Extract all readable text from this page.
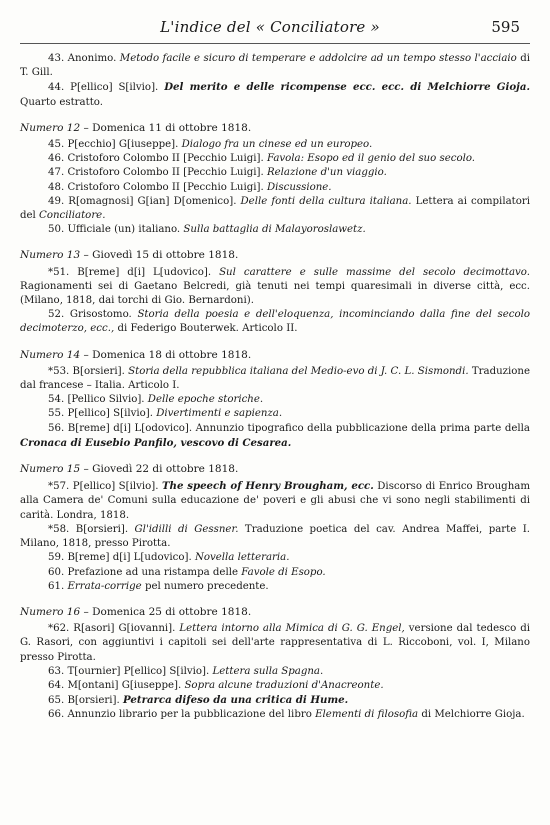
L'indice del « Conciliatore »	595

43. Anonimo. Metodo facile e sicuro di temperare e addolcire ad un tempo stesso l'acciaio di T. Gill.

44. P[ellico] S[ilvio]. Del merito e delle ricompense ecc. ecc. di Melchiorre Gioja. Quarto estratto.

Numero 12 – Domenica 11 di ottobre 1818.

45. P[ecchio] G[iuseppe]. Dialogo fra un cinese ed un europeo.

46. Cristoforo Colombo II [Pecchio Luigi]. Favola: Esopo ed il genio del suo secolo.

47. Cristoforo Colombo II [Pecchio Luigi]. Relazione d'un viaggio.

48. Cristoforo Colombo II [Pecchio Luigi]. Discussione.

49. R[omagnosi] G[ian] D[omenico]. Delle fonti della cultura italiana. Lettera ai compilatori del Conciliatore.

50. Ufficiale (un) italiano. Sulla battaglia di Malayoroslawetz.

Numero 13 – Giovedì 15 di ottobre 1818.

*51. B[reme] d[i] L[udovico]. Sul carattere e sulle massime del secolo decimottavo. Ragionamenti sei di Gaetano Belcredi, già tenuti nei tempi quaresimali in diverse città, ecc. (Milano, 1818, dai torchi di Gio. Bernardoni).

52. Grisostomo. Storia della poesia e dell'eloquenza, incominciando dalla fine del secolo decimoterzo, ecc., di Federigo Bouterwek. Articolo II.

Numero 14 – Domenica 18 di ottobre 1818.

*53. B[orsieri]. Storia della repubblica italiana del Medio-evo di J. C. L. Sismondi. Traduzione dal francese – Italia. Articolo I.

54. [Pellico Silvio]. Delle epoche storiche.

55. P[ellico] S[ilvio]. Divertimenti e sapienza.

56. B[reme] d[i] L[odovico]. Annunzio tipografico della pubblicazione della prima parte della Cronaca di Eusebio Panfilo, vescovo di Cesarea.

Numero 15 – Giovedì 22 di ottobre 1818.

*57. P[ellico] S[ilvio]. The speech of Henry Brougham, ecc. Discorso di Enrico Brougham alla Camera de' Comuni sulla educazione de' poveri e gli abusi che vi sono negli stabilimenti di carità. Londra, 1818.

*58. B[orsieri]. Gl'idilli di Gessner. Traduzione poetica del cav. Andrea Maffei, parte I. Milano, 1818, presso Pirotta.

59. B[reme] d[i] L[udovico]. Novella letteraria.

60. Prefazione ad una ristampa delle Favole di Esopo.

61. Errata-corrige pel numero precedente.

Numero 16 – Domenica 25 di ottobre 1818.

*62. R[asori] G[iovanni]. Lettera intorno alla Mimica di G. G. Engel, versione dal tedesco di G. Rasori, con aggiuntivi i capitoli sei dell'arte rappresentativa di L. Riccoboni, vol. I, Milano presso Pirotta.

63. T[ournier] P[ellico] S[ilvio]. Lettera sulla Spagna.

64. M[ontani] G[iuseppe]. Sopra alcune traduzioni d'Anacreonte.

65. B[orsieri]. Petrarca difeso da una critica di Hume.

66. Annunzio librario per la pubblicazione del libro Elementi di filosofia di Melchiorre Gioja.
